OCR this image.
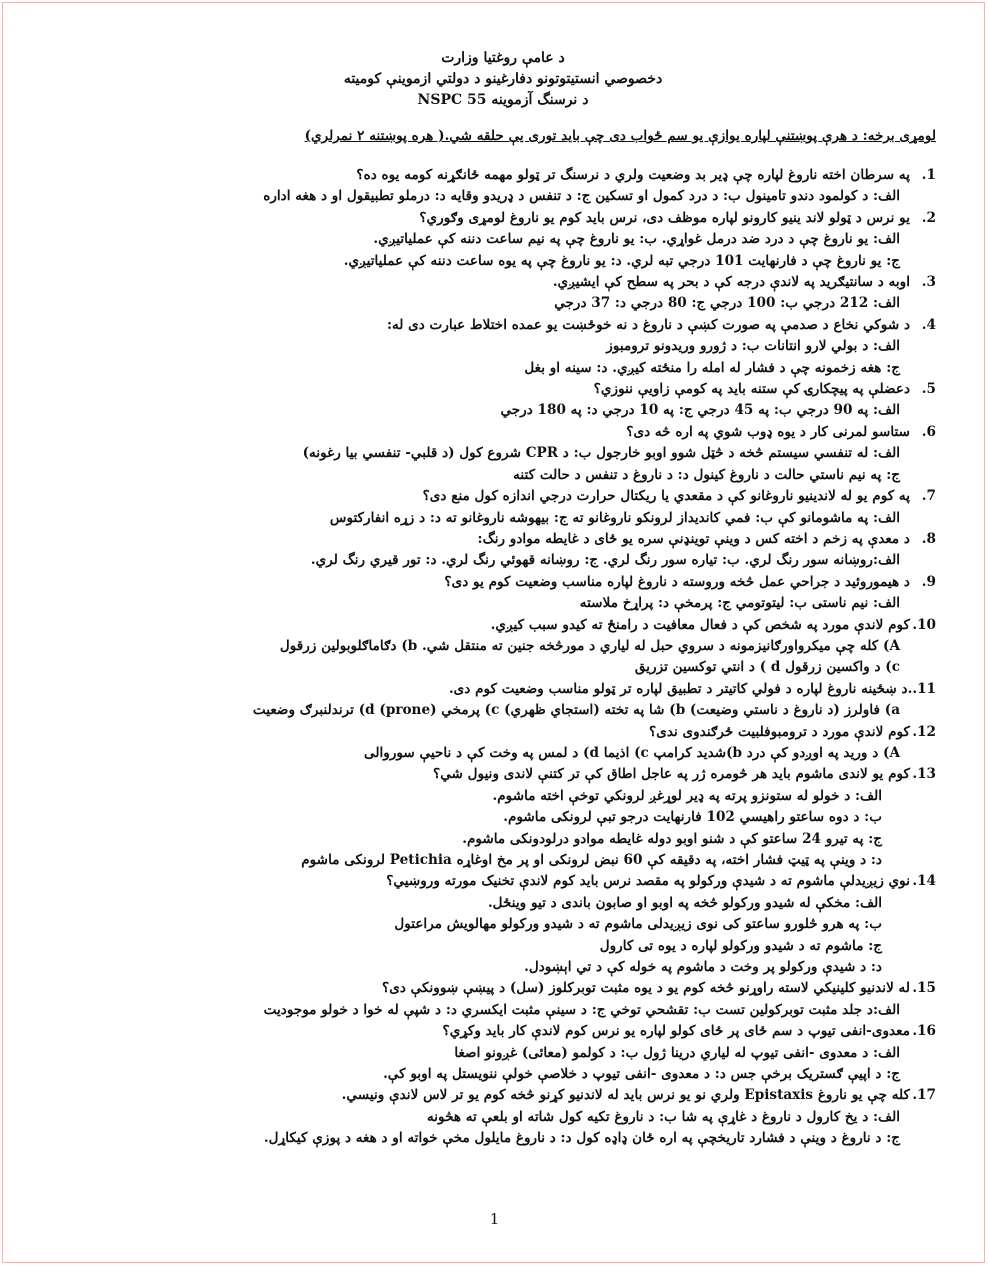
د عامې روغتيا وزارت
دخصوصي انستيتوتونو دفارغينو د دولتي ازموينې کوميته
د نرسنگ آزموينه NSPC 55
لومړی برخه: د هرې پوښتنې لپاره يوازې يو سم ځواب دی چې بايد توری يې حلقه شي.( هره پوښتنه ۲ نمرلري)
1.
په سرطان اخته ناروغ لپاره چې ډير بد وضعيت ولري د نرسنگ تر ټولو مهمه ځانګړنه کومه يوه ده؟
الف: د کولمود دندو تامينول ب: د درد کمول او تسکين ج: د تنفس د ډريدو وقايه د: درملو تطبيقول او د هغه اداره
2.
يو نرس د ټولو لاند ينيو کارونو لپاره موظف دی، نرس بايد کوم يو ناروغ لومړی وګوري؟
الف: يو ناروغ چې د درد ضد درمل غواړي. ب: يو ناروغ چې په نيم ساعت دننه کې عملياتيږي.
ج: يو ناروغ چې د فارنهايت 101 درجي تبه لري. د: يو ناروغ چې په يوه ساعت دننه کې عملياتيږي.
3.
اوبه د سانتيګريد په لاندې درجه کې د بحر په سطح کې ايشيږي.
الف: 212 درجي ب: 100 درجي ج: 80 درجي د: 37 درجي
4.
د شوکي نخاع د صدمې په صورت کښې د ناروغ د نه خوځښت يو عمده اختلاط عبارت دی له:
الف: د بولي لارو انتانات ب: د ژورو وريدونو ترومبوز
ج: هغه زخمونه چې د فشار له امله را منځته کيږي. د: سينه او بغل
5.
دعضلې په پيچکارۍ کې ستنه بايد په کومې زاويې ننوزي؟
الف: په 90 درجي ب: په 45 درجي ج: په 10 درجي د: په 180 درجي
6.
ستاسو لمرنی کار د يوه ډوب شوي په اره څه دی؟
الف: له تنفسي سيستم څخه د څټل شوو اوبو خارجول ب: د CPR شروع کول (د قلبي- تنفسي بيا رغونه)
ج: په نيم ناستي حالت د ناروغ کينول د: د ناروغ د تنفس د حالت کتنه
7.
په کوم يو له لاندينيو ناروغانو کې د مقعدي يا ريکتال حرارت درجي اندازه کول منع دی؟
الف: په ماشومانو کې ب: فمي کانديداز لرونکو ناروغانو ته ج: بيهوشه ناروغانو ته د: د زړه انفارکتوس
8.
د معدې په زخم د اخته کس د وينې توينډنې سره يو ځای د غايطه موادو رنگ:
الف:روښانه سور رنگ لري. ب: تياره سور رنگ لري. ج: روښانه قهوئي رنگ لري. د: تور قيري رنگ لري.
9.
د هيموروئيد د جراحي عمل څخه وروسته د ناروغ لپاره مناسب وضعيت کوم يو دی؟
الف: نيم ناستی ب: ليتوتومي ج: پرمخې د: پراړخ ملاسته
10.
کوم لاندې مورد په شخص کې د فعال معافيت د رامنځ ته کيدو سبب کيږي.
A) کله چې ميکرواورګانيزمونه د سروي حبل له لياري د مورڅخه جنين ته منتقل شي. b) دګاماګلوبولين زرقول
c) د واکسين زرقول d ) د انتي توکسين تزريق
11..
د ښځينه ناروغ لپاره د فولي کاتيتر د تطبيق لپاره تر ټولو مناسب وضعيت کوم دی.
a) فاولرز (د ناروغ د ناستي وضيعت) b) شا په تخته (استجاي ظهري) c) پرمخي (prone) d) ترندلنبرګ وضعيت
12.
کوم لاندې مورد د ترومبوفلبيت ځرګندوی ندی؟
A) د وريد په اوږدو کې درد b)شديد کرامپ c) اذيما d) د لمس په وخت کې د ناحيې سوروالی
13.
کوم يو لاندی ماشوم بايد هر څومره ژر په عاجل اطاق کې تر کتنې لاندی ونيول شي؟
الف: د خولو له ستونزو پرته په ډير لوړغږ لرونکي توخې اخته ماشوم.
ب: د دوه ساعتو راهيسي 102 فارنهايت درجو تبې لرونکی ماشوم.
ج: په تيرو 24 ساعتو کې د شنو اوبو دوله غايطه موادو درلودونکی ماشوم.
د: د وينې په ټيټ فشار اخته، په دقيقه کې 60 نبض لرونکی او پر مخ اوغاړه Petichia لرونکی ماشوم
14.
نوي زيږيدلې ماشوم ته د شيدې ورکولو په مقصد نرس بايد کوم لاندې تخنيک مورته وروښيي؟
الف: مخکې له شيدو ورکولو څخه په اوبو او صابون باندی د تيو وينځل.
ب: په هرو څلورو ساعتو کی نوی زيږيدلی ماشوم ته د شيدو ورکولو مهالويش مراعتول
ج: ماشوم ته د شيدو ورکولو لپاره د يوه تی کارول
د: د شيدې ورکولو پر وخت د ماشوم په خوله کې د تي اېښودل.
15.
له لاندنيو کلينيکي لاسته راوړنو څخه کوم يو د يوه مثبت توبرکلوز (سل) د پيښې ښوونکې دی؟
الف:د جلد مثبت توبرکولين تست ب: تقشحي توخي ج: د سينې مثبت ايکسري د: د شپې له خوا د خولو موجوديت
16.
معدوی-انفی تيوپ د سم ځای پر ځای کولو لپاره يو نرس کوم لاندې کار بايد وکړي؟
الف: د معدوی -انفی تيوپ له لياري درينا ژول ب: د کولمو (معائی) غږونو اصغا
ج: د اپيې ګستريک برخې جس د: د معدوی -انفی تيوپ د خلاصې خولې ننويستل په اوبو کې.
17.
کله چې يو ناروغ Epistaxis ولري نو يو نرس بايد له لاندنيو کړنو څخه کوم يو تر لاس لاندې ونيسي.
الف: د يخ کارول د ناروغ د غاړې په شا ب: د ناروغ تکيه کول شاته او بلعې ته هڅونه
ج: د ناروغ د وينې د فشارد تاريخچې په اره ځان ډاډه کول د: د ناروغ مايلول مخې خواته او د هغه د پوزې کيکاړل.
1
